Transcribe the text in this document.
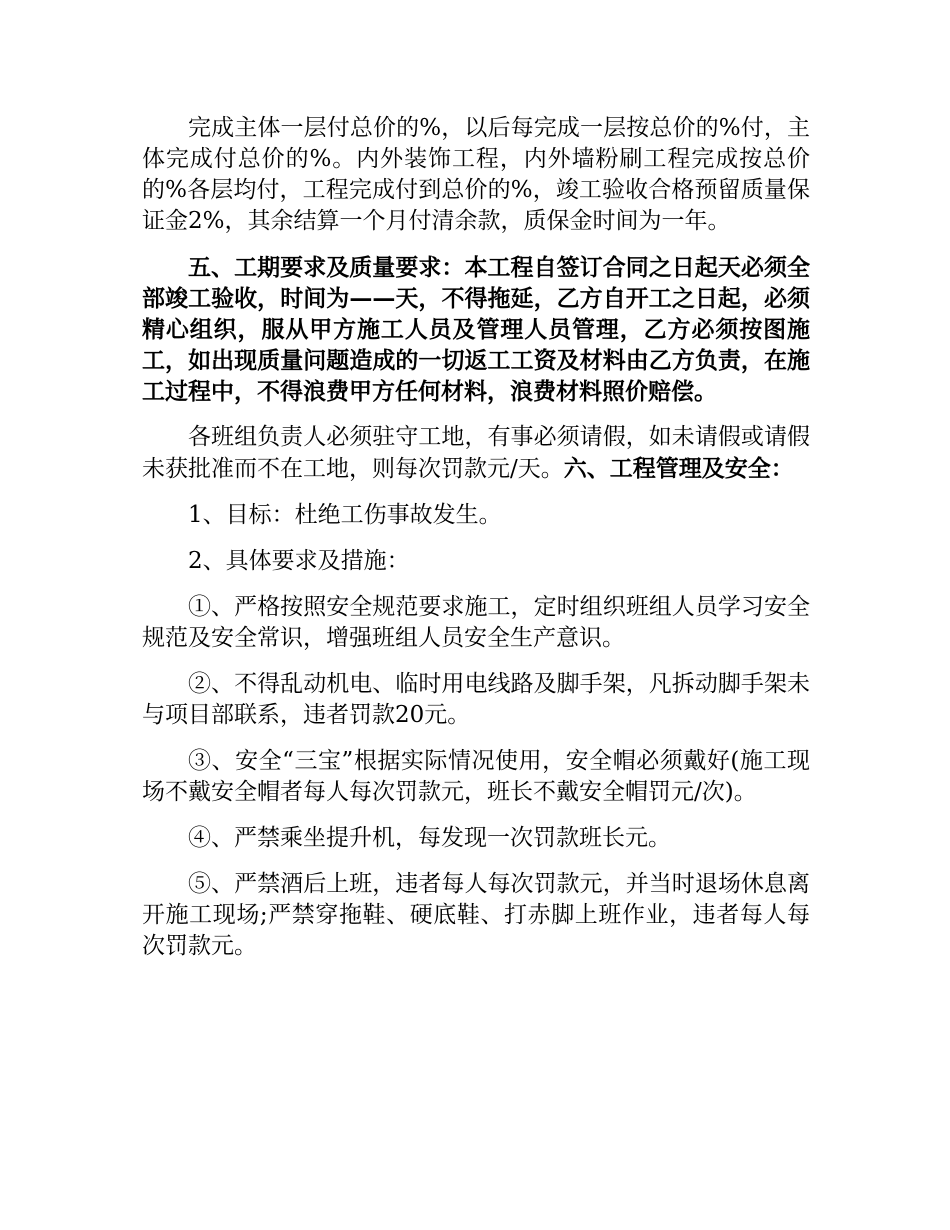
完成主体一层付总价的%，以后每完成一层按总价的%付，主体完成付总价的%。内外装饰工程，内外墙粉刷工程完成按总价的%各层均付，工程完成付到总价的%，竣工验收合格预留质量保证金2%，其余结算一个月付清余款，质保金时间为一年。

五、工期要求及质量要求：本工程自签订合同之日起天必须全部竣工验收，时间为——天，不得拖延，乙方自开工之日起，必须精心组织，服从甲方施工人员及管理人员管理，乙方必须按图施工，如出现质量问题造成的一切返工工资及材料由乙方负责，在施工过程中，不得浪费甲方任何材料，浪费材料照价赔偿。

各班组负责人必须驻守工地，有事必须请假，如未请假或请假未获批准而不在工地，则每次罚款元/天。六、工程管理及安全：

1、目标：杜绝工伤事故发生。

2、具体要求及措施：

①、严格按照安全规范要求施工，定时组织班组人员学习安全规范及安全常识，增强班组人员安全生产意识。

②、不得乱动机电、临时用电线路及脚手架，凡拆动脚手架未与项目部联系，违者罚款20元。

③、安全“三宝”根据实际情况使用，安全帽必须戴好(施工现场不戴安全帽者每人每次罚款元，班长不戴安全帽罚元/次)。

④、严禁乘坐提升机，每发现一次罚款班长元。

⑤、严禁酒后上班，违者每人每次罚款元，并当时退场休息离开施工现场;严禁穿拖鞋、硬底鞋、打赤脚上班作业，违者每人每次罚款元。
